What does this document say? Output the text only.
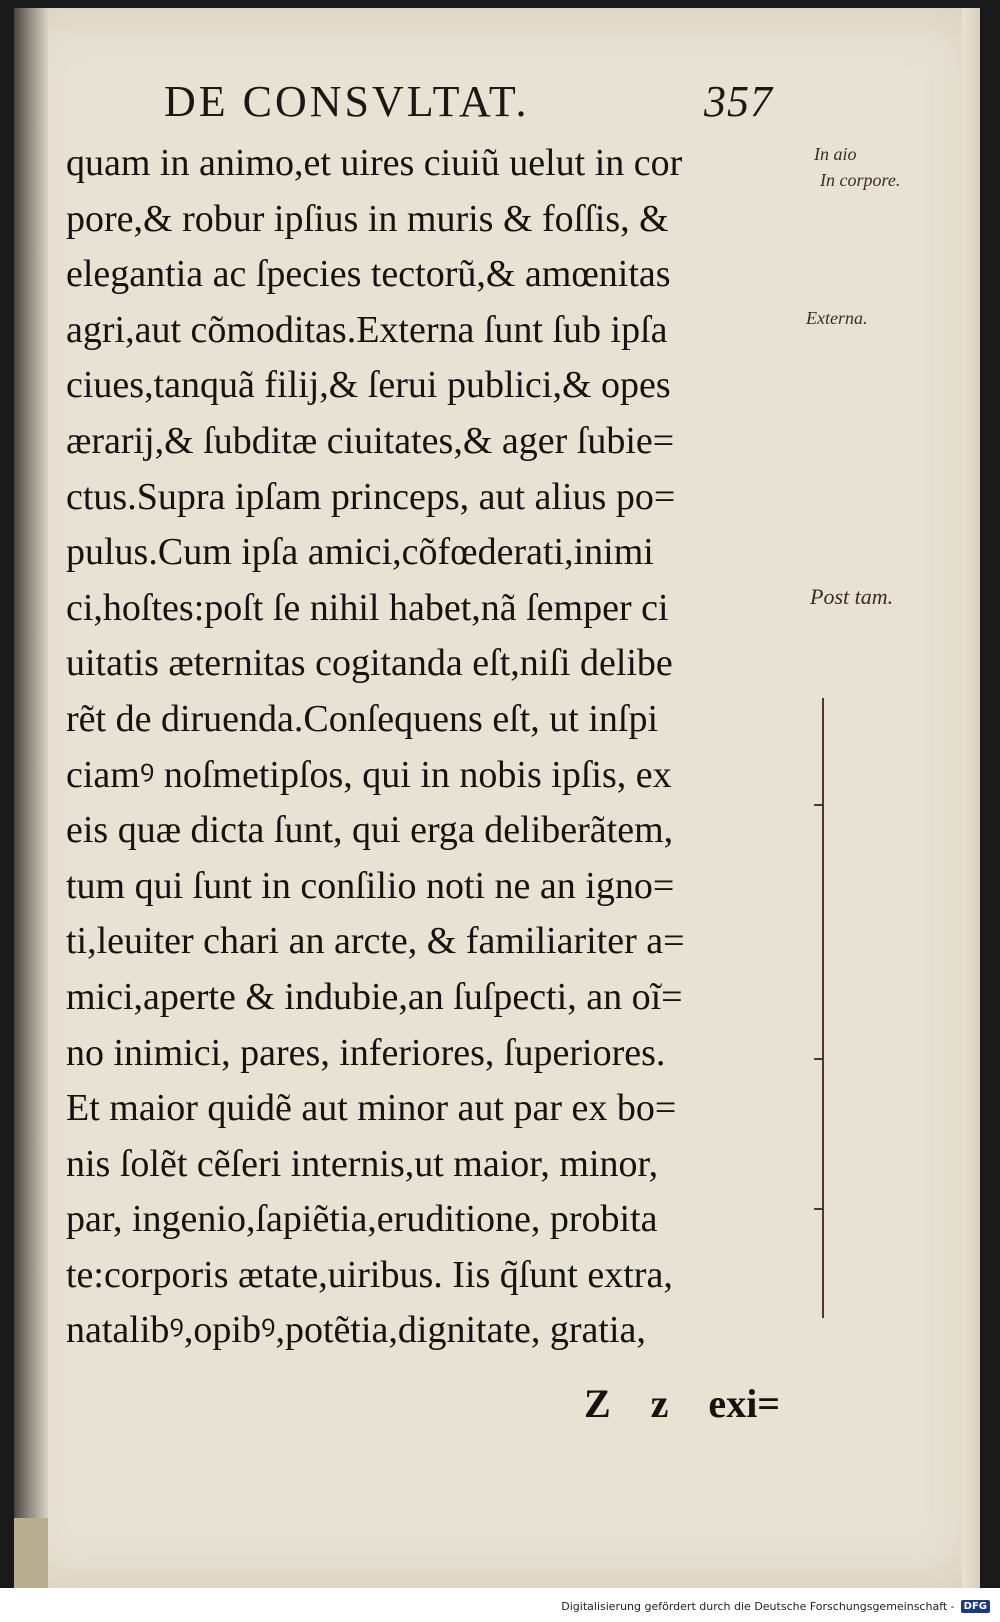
DE CONSVLTAT.	357
quam in animo,et uires ciuiũ uelut in cor
pore,& robur ipſius in muris & foſſis, &
elegantia ac ſpecies tectorũ,& amœnitas
agri,aut cõmoditas.Externa ſunt ſub ipſa
ciues,tanquã filij,& ſerui publici,& opes
ærarij,& ſubditæ ciuitates,& ager ſubie=
ctus.Supra ipſam princeps, aut alius po=
pulus.Cum ipſa amici,cõfœderati,inimi
ci,hoſtes:poſt ſe nihil habet,nã ſemper ci
uitatis æternitas cogitanda eſt,niſi delibe
rẽt de diruenda.Conſequens eſt, ut inſpi
ciamꝰ noſmetipſos, qui in nobis ipſis, ex
eis quæ dicta ſunt, qui erga deliberãtem,
tum qui ſunt in conſilio noti ne an igno=
ti,leuiter chari an arcte, & familiariter a=
mici,aperte & indubie,an ſuſpecti, an oĩ=
no inimici, pares, inferiores, ſuperiores.
Et maior quidẽ aut minor aut par ex bo=
nis ſolẽt cẽſeri internis,ut maior, minor,
par, ingenio,ſapiẽtia,eruditione, probita
te:corporis ætate,uiribus. Iis q̃ſunt extra,
natalibꝰ,opibꝰ,potẽtia,dignitate, gratia,
Z z exi=
In aio
In corpore.
Externa.
Post tam.
Digitalisierung gefördert durch die Deutsche Forschungsgemeinschaft - DFG
